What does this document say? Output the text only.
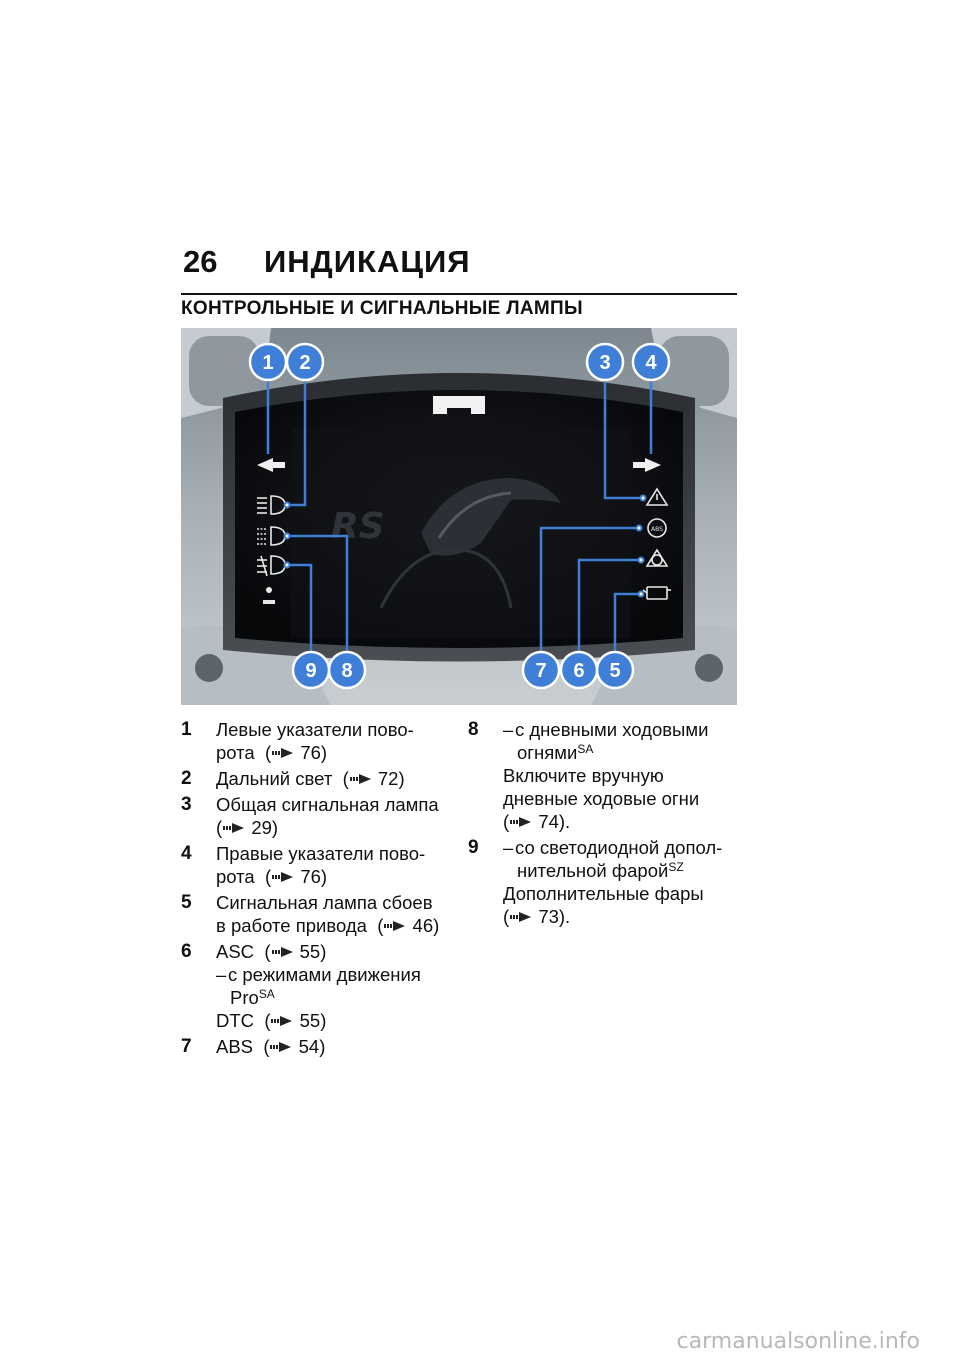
26 ИНДИКАЦИЯ
КОНТРОЛЬНЫЕ И СИГНАЛЬНЫЕ ЛАМПЫ
RS	ABS
1 2	3 4
5
6
7
8
9
1 Левые указатели пово-
рота ( 76)
2 Дальний свет ( 72)
3 Общая сигнальная лампа
( 29)
4 Правые указатели пово-
рота ( 76)
5 Сигнальная лампа сбоев
в работе привода ( 46)
6 ASC ( 55)
–с режимами движения
Pro$^{SA}$
DTC ( 55)
7 ABS ( 54)
8 –с дневными ходовыми
огнями$^{SA}$
Включите вручную
дневные ходовые огни
( 74).
9 –со светодиодной допол-
нительной фарой$^{SZ}$
Дополнительные фары
( 73).
carmanualsonline.info
